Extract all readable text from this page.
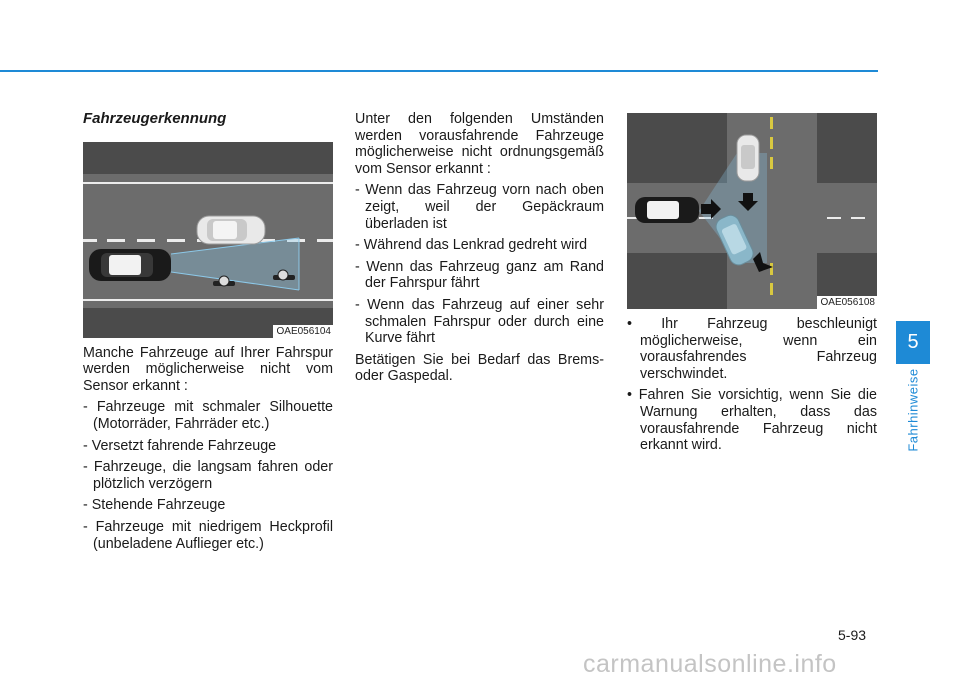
Fahrzeugerkennung
OAE056104

Manche Fahrzeuge auf Ihrer Fahrspur werden möglicherweise nicht vom Sensor erkannt :

- Fahrzeuge mit schmaler Silhouette (Motorräder, Fahrräder etc.)
- Versetzt fahrende Fahrzeuge
- Fahrzeuge, die langsam fahren oder plötzlich verzögern
- Stehende Fahrzeuge
- Fahrzeuge mit niedrigem Heckprofil (unbeladene Auflieger etc.)

Unter den folgenden Umständen werden vorausfahrende Fahrzeuge möglicherweise nicht ordnungsgemäß vom Sensor erkannt :

- Wenn das Fahrzeug vorn nach oben zeigt, weil der Gepäckraum überladen ist
- Während das Lenkrad gedreht wird
- Wenn das Fahrzeug ganz am Rand der Fahrspur fährt
- Wenn das Fahrzeug auf einer sehr schmalen Fahrspur oder durch eine Kurve fährt

Betätigen Sie bei Bedarf das Brems- oder Gaspedal.

OAE056108
• Ihr Fahrzeug beschleunigt möglicherweise, wenn ein vorausfahrendes Fahrzeug verschwindet.
• Fahren Sie vorsichtig, wenn Sie die Warnung erhalten, dass das vorausfahrende Fahrzeug nicht erkannt wird.
5
Fahrhinweise
5-93
carmanualsonline.info
